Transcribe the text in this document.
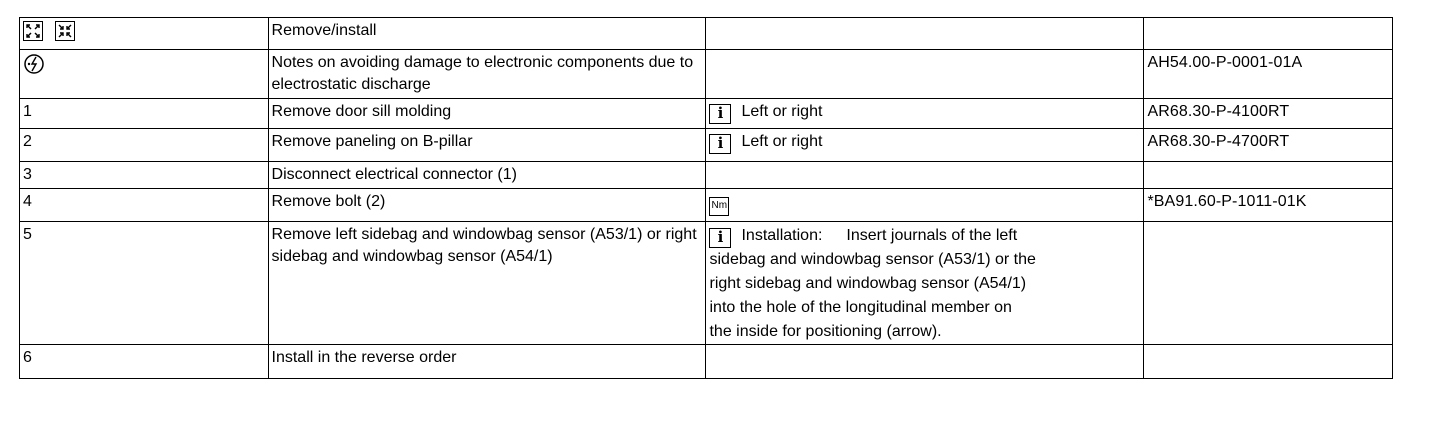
	Remove/install		
	Notes on avoiding damage to electronic components due to electrostatic discharge		AH54.00-P-0001-01A
1	Remove door sill molding	i Left or right	AR68.30-P-4100RT
2	Remove paneling on B-pillar	i Left or right	AR68.30-P-4700RT
3	Disconnect electrical connector (1)		
4	Remove bolt (2)	Nm	*BA91.60-P-1011-01K
5	Remove left sidebag and windowbag sensor (A53/1) or right sidebag and windowbag sensor (A54/1)	i Installation: Insert journals of the left
sidebag and windowbag sensor (A53/1) or the
right sidebag and windowbag sensor (A54/1)
into the hole of the longitudinal member on
the inside for positioning (arrow).	

6	Install in the reverse order		
